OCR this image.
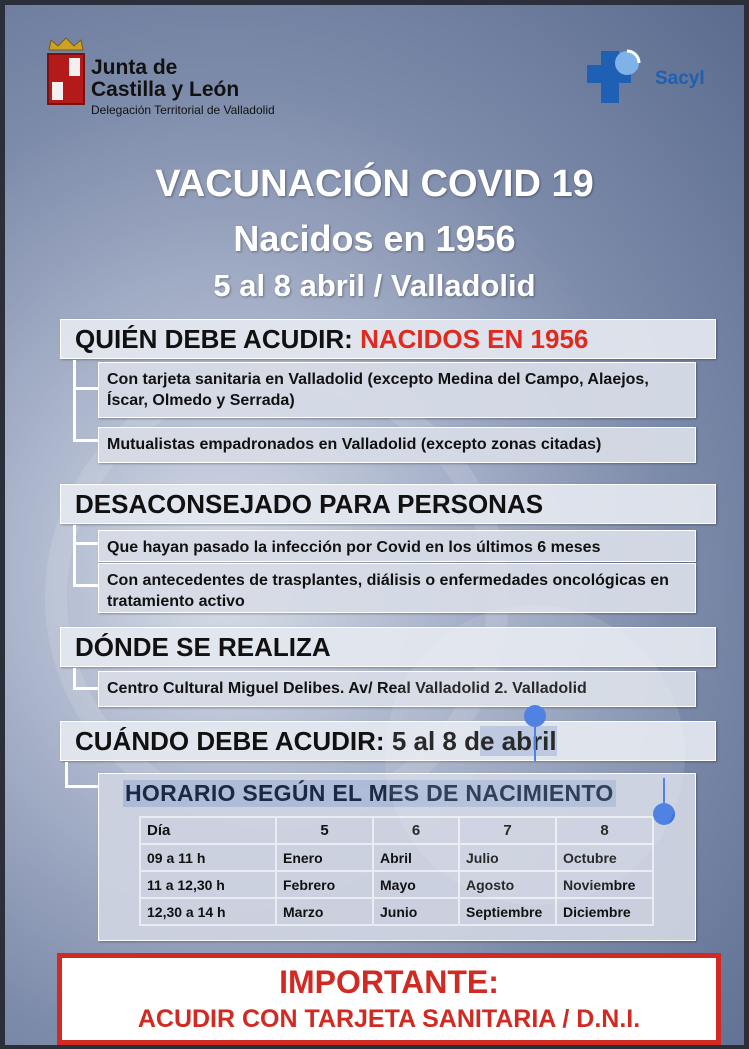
Junta de
Castilla y León
Delegación Territorial de Valladolid
Sacyl
VACUNACIÓN COVID 19
Nacidos en 1956
5 al 8 abril / Valladolid
QUIÉN DEBE ACUDIR: NACIDOS EN 1956
Con tarjeta sanitaria en Valladolid (excepto Medina del Campo, Alaejos, Íscar, Olmedo y Serrada)
Mutualistas empadronados en Valladolid (excepto zonas citadas)
DESACONSEJADO PARA PERSONAS
Que hayan pasado la infección por Covid en los últimos 6 meses
Con antecedentes de trasplantes, diálisis o enfermedades oncológicas en tratamiento activo
DÓNDE SE REALIZA
Centro Cultural Miguel Delibes. Av/ Real Valladolid 2. Valladolid
CUÁNDO DEBE ACUDIR: 5 al 8 de abril
HORARIO SEGÚN EL MES DE NACIMIENTO
Día	5	6	7	8
09 a 11 h	Enero	Abril	Julio	Octubre
11 a 12,30 h	Febrero	Mayo	Agosto	Noviembre
12,30 a 14 h	Marzo	Junio	Septiembre	Diciembre
IMPORTANTE:
ACUDIR CON TARJETA SANITARIA / D.N.I.
